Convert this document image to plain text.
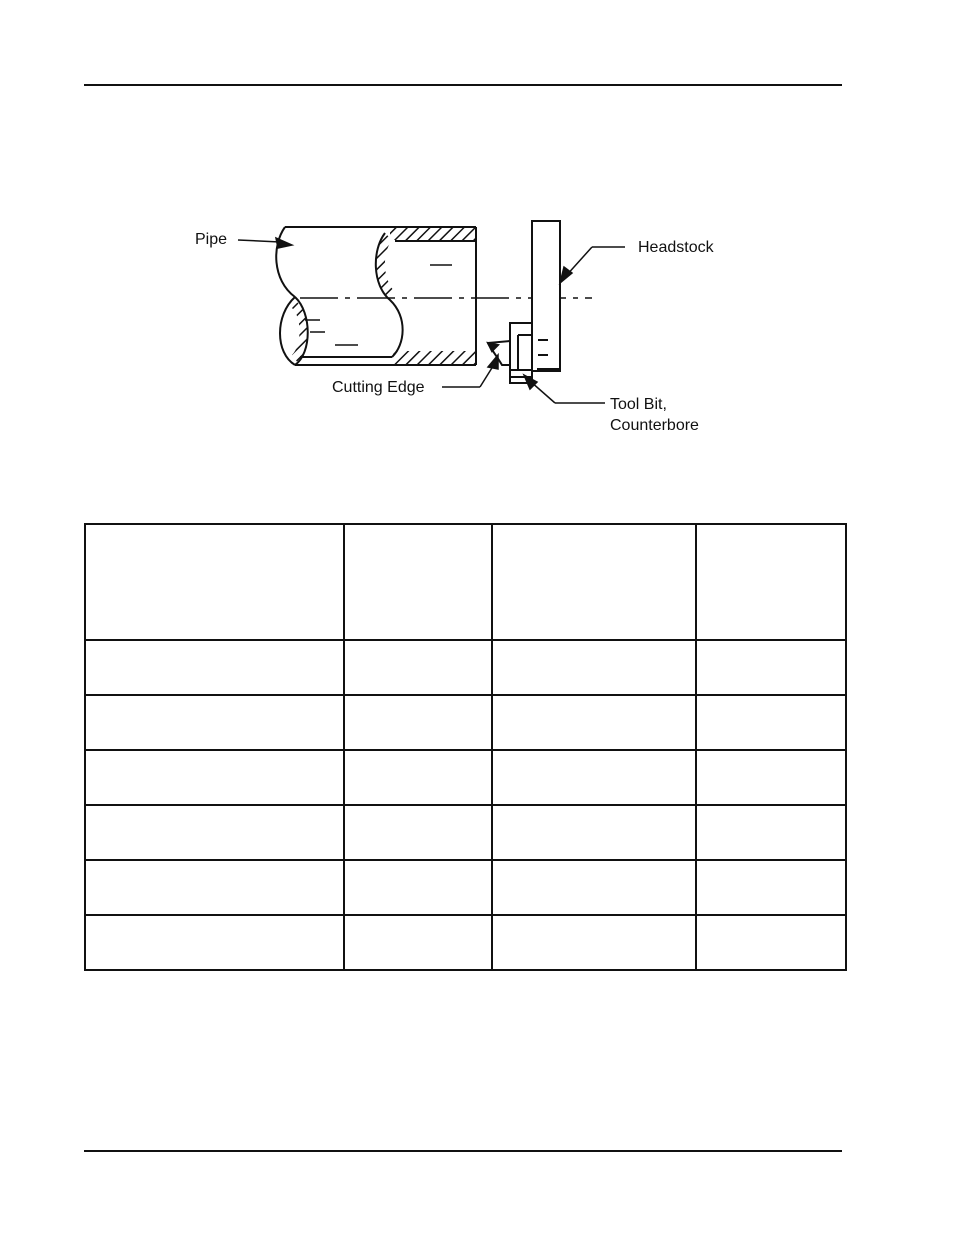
Pipe	Headstock
Cutting Edge
Tool Bit,
Counterbore
